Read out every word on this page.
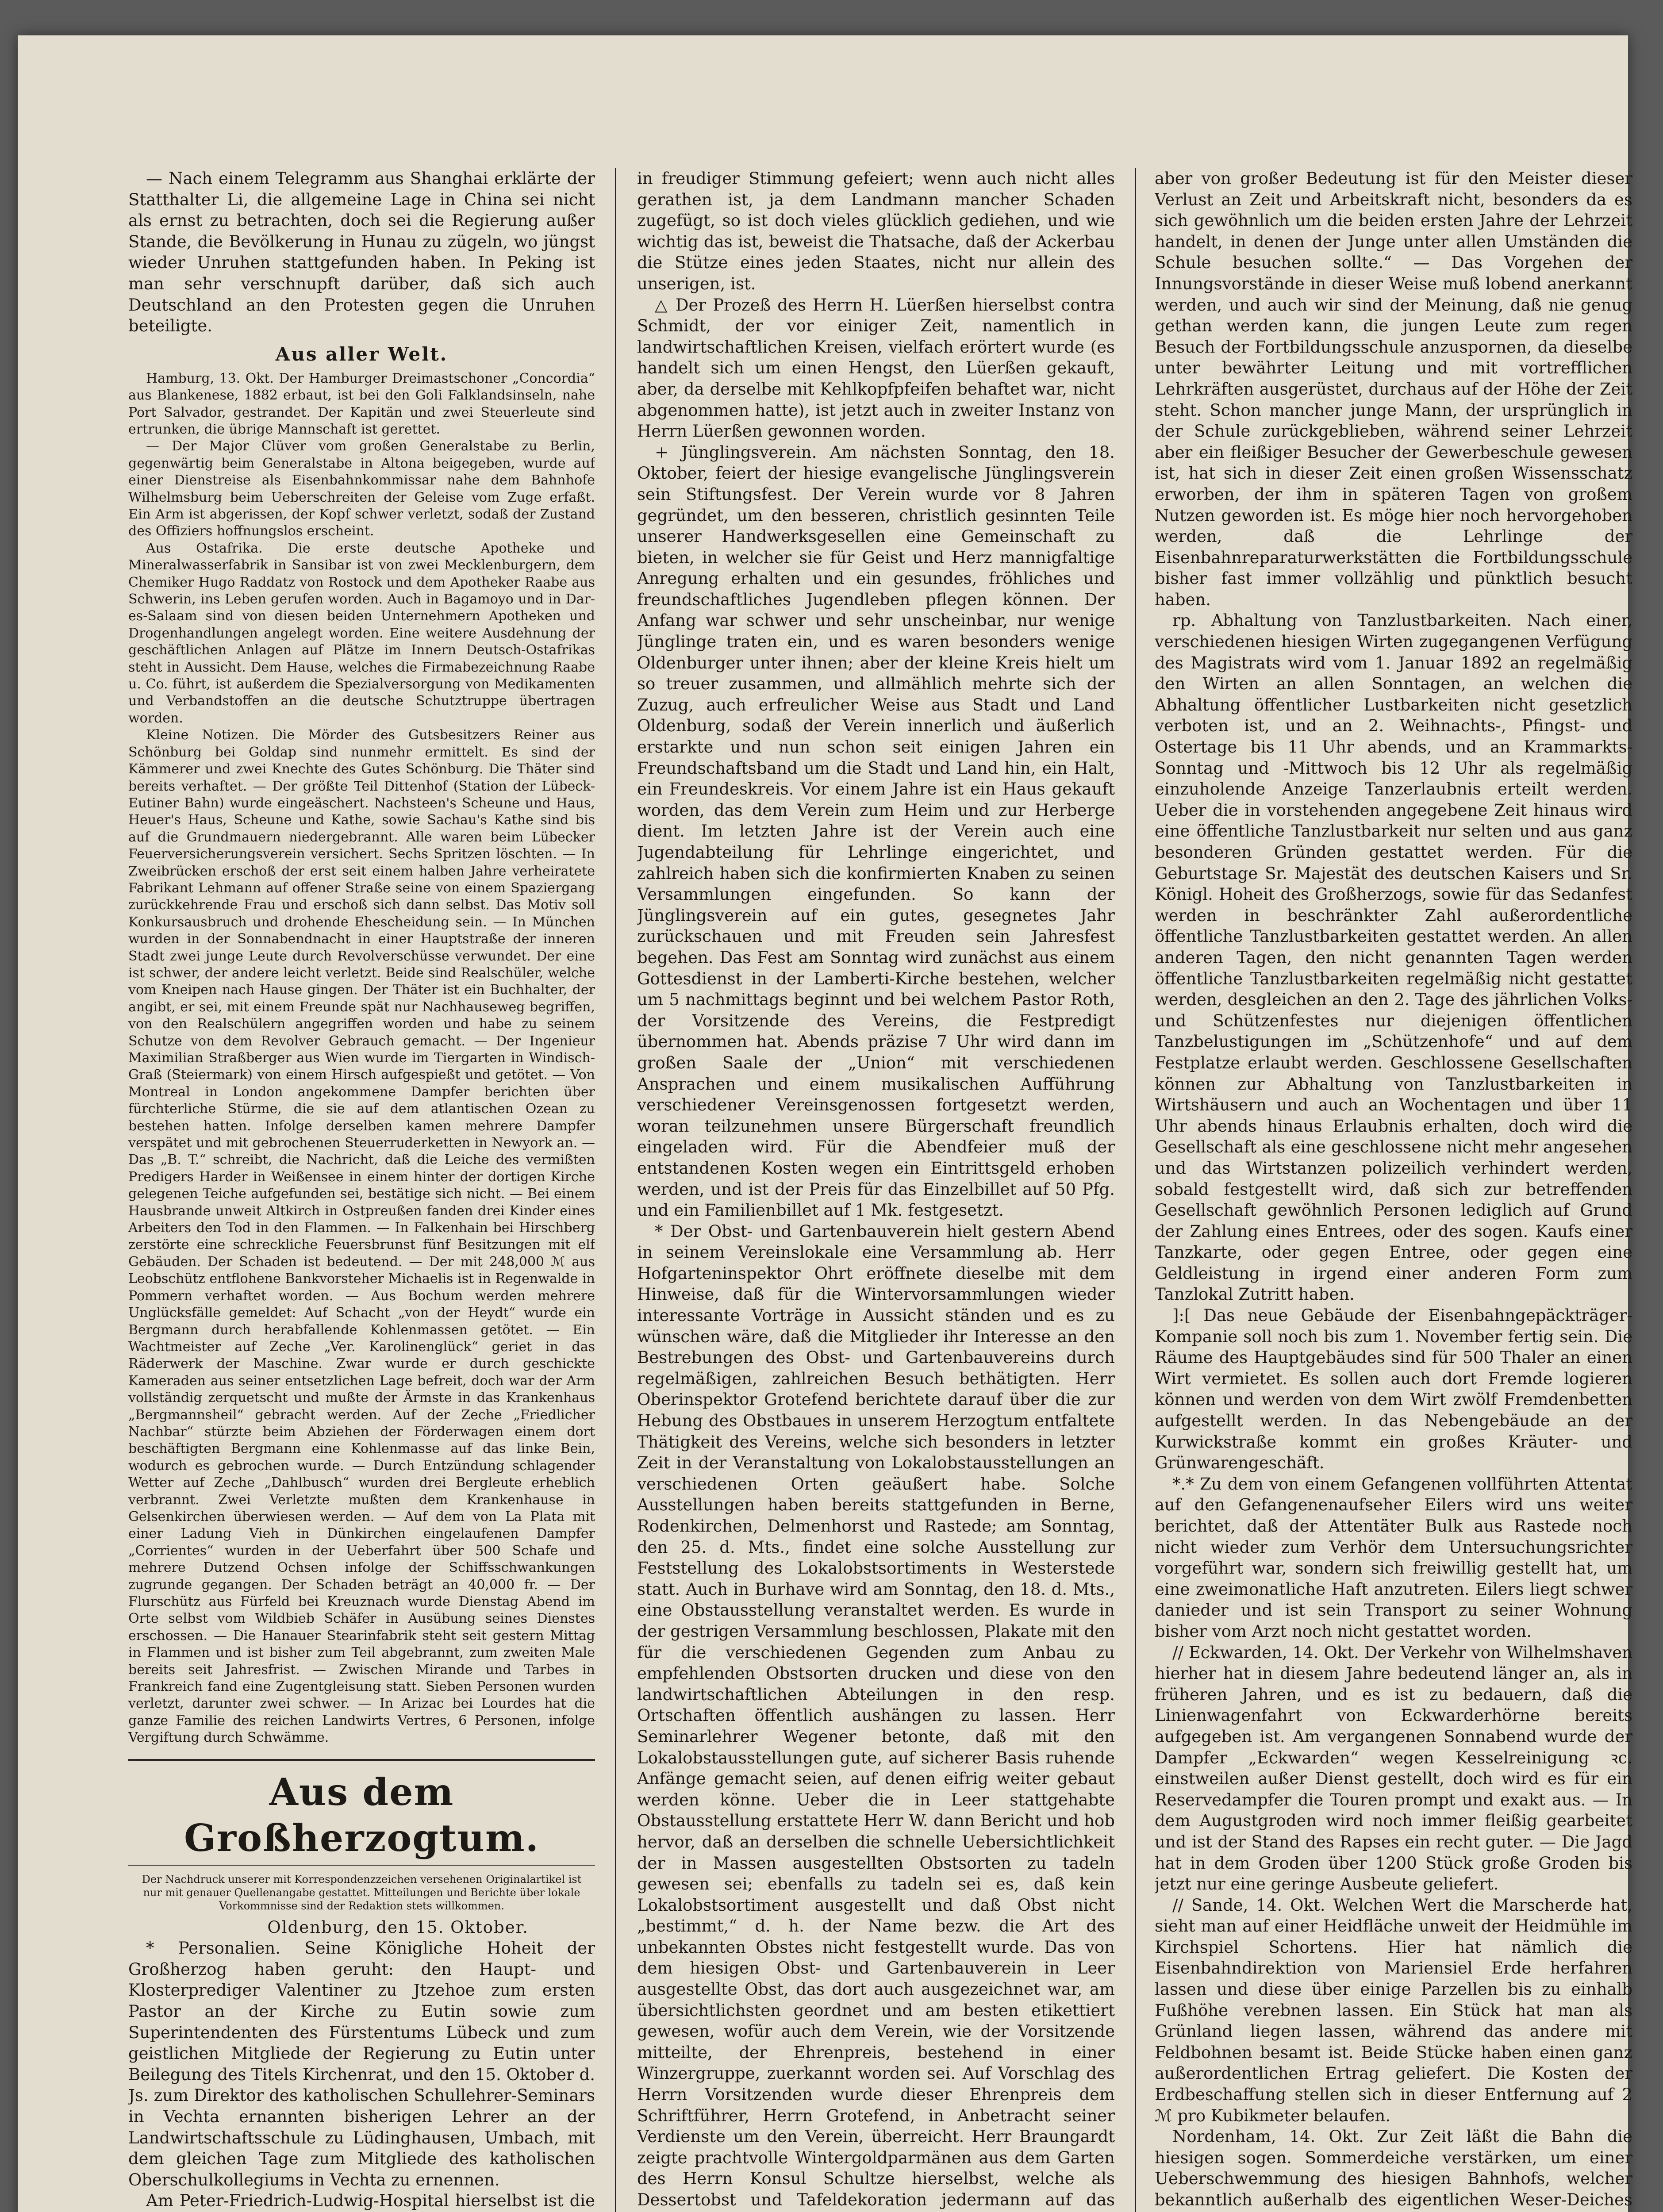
— Nach einem Telegramm aus Shanghai erklärte der Statthalter Li, die allgemeine Lage in China sei nicht als ernst zu betrachten, doch sei die Regierung außer Stande, die Bevölkerung in Hunau zu zügeln, wo jüngst wieder Unruhen stattgefunden haben. In Peking ist man sehr verschnupft darüber, daß sich auch Deutschland an den Protesten gegen die Unruhen beteiligte.

Aus aller Welt.

Hamburg, 13. Okt. Der Hamburger Dreimastschoner „Concordia“ aus Blankenese, 1882 erbaut, ist bei den Goli Falklandsinseln, nahe Port Salvador, gestrandet. Der Kapitän und zwei Steuerleute sind ertrunken, die übrige Mannschaft ist gerettet.

— Der Major Clüver vom großen Generalstabe zu Berlin, gegenwärtig beim Generalstabe in Altona beigegeben, wurde auf einer Dienstreise als Eisenbahnkommissar nahe dem Bahnhofe Wilhelmsburg beim Ueberschreiten der Geleise vom Zuge erfaßt. Ein Arm ist abgerissen, der Kopf schwer verletzt, sodaß der Zustand des Offiziers hoffnungslos erscheint.

Aus Ostafrika. Die erste deutsche Apotheke und Mineralwasserfabrik in Sansibar ist von zwei Mecklenburgern, dem Chemiker Hugo Raddatz von Rostock und dem Apotheker Raabe aus Schwerin, ins Leben gerufen worden. Auch in Bagamoyo und in Dar-es-Salaam sind von diesen beiden Unternehmern Apotheken und Drogenhandlungen angelegt worden. Eine weitere Ausdehnung der geschäftlichen Anlagen auf Plätze im Innern Deutsch-Ostafrikas steht in Aussicht. Dem Hause, welches die Firmabezeichnung Raabe u. Co. führt, ist außerdem die Spezialversorgung von Medikamenten und Verbandstoffen an die deutsche Schutztruppe übertragen worden.

Kleine Notizen. Die Mörder des Gutsbesitzers Reiner aus Schönburg bei Goldap sind nunmehr ermittelt. Es sind der Kämmerer und zwei Knechte des Gutes Schönburg. Die Thäter sind bereits verhaftet. — Der größte Teil Dittenhof (Station der Lübeck-Eutiner Bahn) wurde eingeäschert. Nachsteen's Scheune und Haus, Heuer's Haus, Scheune und Kathe, sowie Sachau's Kathe sind bis auf die Grundmauern niedergebrannt. Alle waren beim Lübecker Feuerversicherungsverein versichert. Sechs Spritzen löschten. — In Zweibrücken erschoß der erst seit einem halben Jahre verheiratete Fabrikant Lehmann auf offener Straße seine von einem Spaziergang zurückkehrende Frau und erschoß sich dann selbst. Das Motiv soll Konkursausbruch und drohende Ehescheidung sein. — In München wurden in der Sonnabendnacht in einer Hauptstraße der inneren Stadt zwei junge Leute durch Revolverschüsse verwundet. Der eine ist schwer, der andere leicht verletzt. Beide sind Realschüler, welche vom Kneipen nach Hause gingen. Der Thäter ist ein Buchhalter, der angibt, er sei, mit einem Freunde spät nur Nachhauseweg begriffen, von den Realschülern angegriffen worden und habe zu seinem Schutze von dem Revolver Gebrauch gemacht. — Der Ingenieur Maximilian Straßberger aus Wien wurde im Tiergarten in Windisch-Graß (Steiermark) von einem Hirsch aufgespießt und getötet. — Von Montreal in London angekommene Dampfer berichten über fürchterliche Stürme, die sie auf dem atlantischen Ozean zu bestehen hatten. Infolge derselben kamen mehrere Dampfer verspätet und mit gebrochenen Steuerruderketten in Newyork an. — Das „B. T.“ schreibt, die Nachricht, daß die Leiche des vermißten Predigers Harder in Weißensee in einem hinter der dortigen Kirche gelegenen Teiche aufgefunden sei, bestätige sich nicht. — Bei einem Hausbrande unweit Altkirch in Ostpreußen fanden drei Kinder eines Arbeiters den Tod in den Flammen. — In Falkenhain bei Hirschberg zerstörte eine schreckliche Feuersbrunst fünf Besitzungen mit elf Gebäuden. Der Schaden ist bedeutend. — Der mit 248,000 ℳ aus Leobschütz entflohene Bankvorsteher Michaelis ist in Regenwalde in Pommern verhaftet worden. — Aus Bochum werden mehrere Unglücksfälle gemeldet: Auf Schacht „von der Heydt“ wurde ein Bergmann durch herabfallende Kohlenmassen getötet. — Ein Wachtmeister auf Zeche „Ver. Karolinenglück“ geriet in das Räderwerk der Maschine. Zwar wurde er durch geschickte Kameraden aus seiner entsetzlichen Lage befreit, doch war der Arm vollständig zerquetscht und mußte der Ärmste in das Krankenhaus „Bergmannsheil“ gebracht werden. Auf der Zeche „Friedlicher Nachbar“ stürzte beim Abziehen der Förderwagen einem dort beschäftigten Bergmann eine Kohlenmasse auf das linke Bein, wodurch es gebrochen wurde. — Durch Entzündung schlagender Wetter auf Zeche „Dahlbusch“ wurden drei Bergleute erheblich verbrannt. Zwei Verletzte mußten dem Krankenhause in Gelsenkirchen überwiesen werden. — Auf dem von La Plata mit einer Ladung Vieh in Dünkirchen eingelaufenen Dampfer „Corrientes“ wurden in der Ueberfahrt über 500 Schafe und mehrere Dutzend Ochsen infolge der Schiffsschwankungen zugrunde gegangen. Der Schaden beträgt an 40,000 fr. — Der Flurschütz aus Fürfeld bei Kreuznach wurde Dienstag Abend im Orte selbst vom Wildbieb Schäfer in Ausübung seines Dienstes erschossen. — Die Hanauer Stearinfabrik steht seit gestern Mittag in Flammen und ist bisher zum Teil abgebrannt, zum zweiten Male bereits seit Jahresfrist. — Zwischen Mirande und Tarbes in Frankreich fand eine Zugentgleisung statt. Sieben Personen wurden verletzt, darunter zwei schwer. — In Arizac bei Lourdes hat die ganze Familie des reichen Landwirts Vertres, 6 Personen, infolge Vergiftung durch Schwämme.

Aus dem Großherzogtum.
Der Nachdruck unserer mit Korrespondenzzeichen versehenen Originalartikel ist nur mit genauer Quellenangabe gestattet. Mitteilungen und Berichte über lokale Vorkommnisse sind der Redaktion stets willkommen.
Oldenburg, den 15. Oktober.

* Personalien. Seine Königliche Hoheit der Großherzog haben geruht: den Haupt- und Klosterprediger Valentiner zu Jtzehoe zum ersten Pastor an der Kirche zu Eutin sowie zum Superintendenten des Fürstentums Lübeck und zum geistlichen Mitgliede der Regierung zu Eutin unter Beilegung des Titels Kirchenrat, und den 15. Oktober d. Js. zum Direktor des katholischen Schullehrer-Seminars in Vechta ernannten bisherigen Lehrer an der Landwirtschaftsschule zu Lüdinghausen, Umbach, mit dem gleichen Tage zum Mitgliede des katholischen Oberschulkollegiums in Vechta zu ernennen.

Am Peter-Friedrich-Ludwig-Hospital hierselbst ist die

in freudiger Stimmung gefeiert; wenn auch nicht alles gerathen ist, ja dem Landmann mancher Schaden zugefügt, so ist doch vieles glücklich gediehen, und wie wichtig das ist, beweist die Thatsache, daß der Ackerbau die Stütze eines jeden Staates, nicht nur allein des unserigen, ist.

△ Der Prozeß des Herrn H. Lüerßen hierselbst contra Schmidt, der vor einiger Zeit, namentlich in landwirtschaftlichen Kreisen, vielfach erörtert wurde (es handelt sich um einen Hengst, den Lüerßen gekauft, aber, da derselbe mit Kehlkopfpfeifen behaftet war, nicht abgenommen hatte), ist jetzt auch in zweiter Instanz von Herrn Lüerßen gewonnen worden.

+ Jünglingsverein. Am nächsten Sonntag, den 18. Oktober, feiert der hiesige evangelische Jünglingsverein sein Stiftungsfest. Der Verein wurde vor 8 Jahren gegründet, um den besseren, christlich gesinnten Teile unserer Handwerksgesellen eine Gemeinschaft zu bieten, in welcher sie für Geist und Herz mannigfaltige Anregung erhalten und ein gesundes, fröhliches und freundschaftliches Jugendleben pflegen können. Der Anfang war schwer und sehr unscheinbar, nur wenige Jünglinge traten ein, und es waren besonders wenige Oldenburger unter ihnen; aber der kleine Kreis hielt um so treuer zusammen, und allmählich mehrte sich der Zuzug, auch erfreulicher Weise aus Stadt und Land Oldenburg, sodaß der Verein innerlich und äußerlich erstarkte und nun schon seit einigen Jahren ein Freundschaftsband um die Stadt und Land hin, ein Halt, ein Freundeskreis. Vor einem Jahre ist ein Haus gekauft worden, das dem Verein zum Heim und zur Herberge dient. Im letzten Jahre ist der Verein auch eine Jugendabteilung für Lehrlinge eingerichtet, und zahlreich haben sich die konfirmierten Knaben zu seinen Versammlungen eingefunden. So kann der Jünglingsverein auf ein gutes, gesegnetes Jahr zurückschauen und mit Freuden sein Jahresfest begehen. Das Fest am Sonntag wird zunächst aus einem Gottesdienst in der Lamberti-Kirche bestehen, welcher um 5 nachmittags beginnt und bei welchem Pastor Roth, der Vorsitzende des Vereins, die Festpredigt übernommen hat. Abends präzise 7 Uhr wird dann im großen Saale der „Union“ mit verschiedenen Ansprachen und einem musikalischen Aufführung verschiedener Vereinsgenossen fortgesetzt werden, woran teilzunehmen unsere Bürgerschaft freundlich eingeladen wird. Für die Abendfeier muß der entstandenen Kosten wegen ein Eintrittsgeld erhoben werden, und ist der Preis für das Einzelbillet auf 50 Pfg. und ein Familienbillet auf 1 Mk. festgesetzt.

* Der Obst- und Gartenbauverein hielt gestern Abend in seinem Vereinslokale eine Versammlung ab. Herr Hofgarteninspektor Ohrt eröffnete dieselbe mit dem Hinweise, daß für die Wintervorsammlungen wieder interessante Vorträge in Aussicht ständen und es zu wünschen wäre, daß die Mitglieder ihr Interesse an den Bestrebungen des Obst- und Gartenbauvereins durch regelmäßigen, zahlreichen Besuch bethätigten. Herr Oberinspektor Grotefend berichtete darauf über die zur Hebung des Obstbaues in unserem Herzogtum entfaltete Thätigkeit des Vereins, welche sich besonders in letzter Zeit in der Veranstaltung von Lokalobstausstellungen an verschiedenen Orten geäußert habe. Solche Ausstellungen haben bereits stattgefunden in Berne, Rodenkirchen, Delmenhorst und Rastede; am Sonntag, den 25. d. Mts., findet eine solche Ausstellung zur Feststellung des Lokalobstsortiments in Westerstede statt. Auch in Burhave wird am Sonntag, den 18. d. Mts., eine Obstausstellung veranstaltet werden. Es wurde in der gestrigen Versammlung beschlossen, Plakate mit den für die verschiedenen Gegenden zum Anbau zu empfehlenden Obstsorten drucken und diese von den landwirtschaftlichen Abteilungen in den resp. Ortschaften öffentlich aushängen zu lassen. Herr Seminarlehrer Wegener betonte, daß mit den Lokalobstausstellungen gute, auf sicherer Basis ruhende Anfänge gemacht seien, auf denen eifrig weiter gebaut werden könne. Ueber die in Leer stattgehabte Obstausstellung erstattete Herr W. dann Bericht und hob hervor, daß an derselben die schnelle Uebersichtlichkeit der in Massen ausgestellten Obstsorten zu tadeln gewesen sei; ebenfalls zu tadeln sei es, daß kein Lokalobstsortiment ausgestellt und daß Obst nicht „bestimmt,“ d. h. der Name bezw. die Art des unbekannten Obstes nicht festgestellt wurde. Das von dem hiesigen Obst- und Gartenbauverein in Leer ausgestellte Obst, das dort auch ausgezeichnet war, am übersichtlichsten geordnet und am besten etikettiert gewesen, wofür auch dem Verein, wie der Vorsitzende mitteilte, der Ehrenpreis, bestehend in einer Winzergruppe, zuerkannt worden sei. Auf Vorschlag des Herrn Vorsitzenden wurde dieser Ehrenpreis dem Schriftführer, Herrn Grotefend, in Anbetracht seiner Verdienste um den Verein, überreicht. Herr Braungardt zeigte prachtvolle Wintergoldparmänen aus dem Garten des Herrn Konsul Schultze hierselbst, welche als Dessertobst und Tafeldekoration jedermann auf das

aber von großer Bedeutung ist für den Meister dieser Verlust an Zeit und Arbeitskraft nicht, besonders da es sich gewöhnlich um die beiden ersten Jahre der Lehrzeit handelt, in denen der Junge unter allen Umständen die Schule besuchen sollte.“ — Das Vorgehen der Innungsvorstände in dieser Weise muß lobend anerkannt werden, und auch wir sind der Meinung, daß nie genug gethan werden kann, die jungen Leute zum regen Besuch der Fortbildungsschule anzuspornen, da dieselbe unter bewährter Leitung und mit vortrefflichen Lehrkräften ausgerüstet, durchaus auf der Höhe der Zeit steht. Schon mancher junge Mann, der ursprünglich in der Schule zurückgeblieben, während seiner Lehrzeit aber ein fleißiger Besucher der Gewerbeschule gewesen ist, hat sich in dieser Zeit einen großen Wissensschatz erworben, der ihm in späteren Tagen von großem Nutzen geworden ist. Es möge hier noch hervorgehoben werden, daß die Lehrlinge der Eisenbahnreparaturwerkstätten die Fortbildungsschule bisher fast immer vollzählig und pünktlich besucht haben.

rp. Abhaltung von Tanzlustbarkeiten. Nach einer, verschiedenen hiesigen Wirten zugegangenen Verfügung des Magistrats wird vom 1. Januar 1892 an regelmäßig den Wirten an allen Sonntagen, an welchen die Abhaltung öffentlicher Lustbarkeiten nicht gesetzlich verboten ist, und an 2. Weihnachts-, Pfingst- und Ostertage bis 11 Uhr abends, und an Krammarkts-Sonntag und -Mittwoch bis 12 Uhr als regelmäßig einzuholende Anzeige Tanzerlaubnis erteilt werden. Ueber die in vorstehenden angegebene Zeit hinaus wird eine öffentliche Tanzlustbarkeit nur selten und aus ganz besonderen Gründen gestattet werden. Für die Geburtstage Sr. Majestät des deutschen Kaisers und Sr. Königl. Hoheit des Großherzogs, sowie für das Sedanfest werden in beschränkter Zahl außerordentliche öffentliche Tanzlustbarkeiten gestattet werden. An allen anderen Tagen, den nicht genannten Tagen werden öffentliche Tanzlustbarkeiten regelmäßig nicht gestattet werden, desgleichen an den 2. Tage des jährlichen Volks- und Schützenfestes nur diejenigen öffentlichen Tanzbelustigungen im „Schützenhofe“ und auf dem Festplatze erlaubt werden. Geschlossene Gesellschaften können zur Abhaltung von Tanzlustbarkeiten in Wirtshäusern und auch an Wochentagen und über 11 Uhr abends hinaus Erlaubnis erhalten, doch wird die Gesellschaft als eine geschlossene nicht mehr angesehen und das Wirtstanzen polizeilich verhindert werden, sobald festgestellt wird, daß sich zur betreffenden Gesellschaft gewöhnlich Personen lediglich auf Grund der Zahlung eines Entrees, oder des sogen. Kaufs einer Tanzkarte, oder gegen Entree, oder gegen eine Geldleistung in irgend einer anderen Form zum Tanzlokal Zutritt haben.

]:[ Das neue Gebäude der Eisenbahngepäckträger-Kompanie soll noch bis zum 1. November fertig sein. Die Räume des Hauptgebäudes sind für 500 Thaler an einen Wirt vermietet. Es sollen auch dort Fremde logieren können und werden von dem Wirt zwölf Fremdenbetten aufgestellt werden. In das Nebengebäude an der Kurwickstraße kommt ein großes Kräuter- und Grünwarengeschäft.

*.* Zu dem von einem Gefangenen vollführten Attentat auf den Gefangenenaufseher Eilers wird uns weiter berichtet, daß der Attentäter Bulk aus Rastede noch nicht wieder zum Verhör dem Untersuchungsrichter vorgeführt war, sondern sich freiwillig gestellt hat, um eine zweimonatliche Haft anzutreten. Eilers liegt schwer danieder und ist sein Transport zu seiner Wohnung bisher vom Arzt noch nicht gestattet worden.

// Eckwarden, 14. Okt. Der Verkehr von Wilhelmshaven hierher hat in diesem Jahre bedeutend länger an, als in früheren Jahren, und es ist zu bedauern, daß die Linienwagenfahrt von Eckwarderhörne bereits aufgegeben ist. Am vergangenen Sonnabend wurde der Dampfer „Eckwarden“ wegen Kesselreinigung ꝛc. einstweilen außer Dienst gestellt, doch wird es für ein Reservedampfer die Touren prompt und exakt aus. — In dem Augustgroden wird noch immer fleißig gearbeitet und ist der Stand des Rapses ein recht guter. — Die Jagd hat in dem Groden über 1200 Stück große Groden bis jetzt nur eine geringe Ausbeute geliefert.

// Sande, 14. Okt. Welchen Wert die Marscherde hat, sieht man auf einer Heidfläche unweit der Heidmühle im Kirchspiel Schortens. Hier hat nämlich die Eisenbahndirektion von Mariensiel Erde herfahren lassen und diese über einige Parzellen bis zu einhalb Fußhöhe verebnen lassen. Ein Stück hat man als Grünland liegen lassen, während das andere mit Feldbohnen besamt ist. Beide Stücke haben einen ganz außerordentlichen Ertrag geliefert. Die Kosten der Erdbeschaffung stellen sich in dieser Entfernung auf 2 ℳ pro Kubikmeter belaufen.

Nordenham, 14. Okt. Zur Zeit läßt die Bahn die hiesigen sogen. Sommerdeiche verstärken, um einer Ueberschwemmung des hiesigen Bahnhofs, welcher bekanntlich außerhalb des eigentlichen Weser-Deiches
